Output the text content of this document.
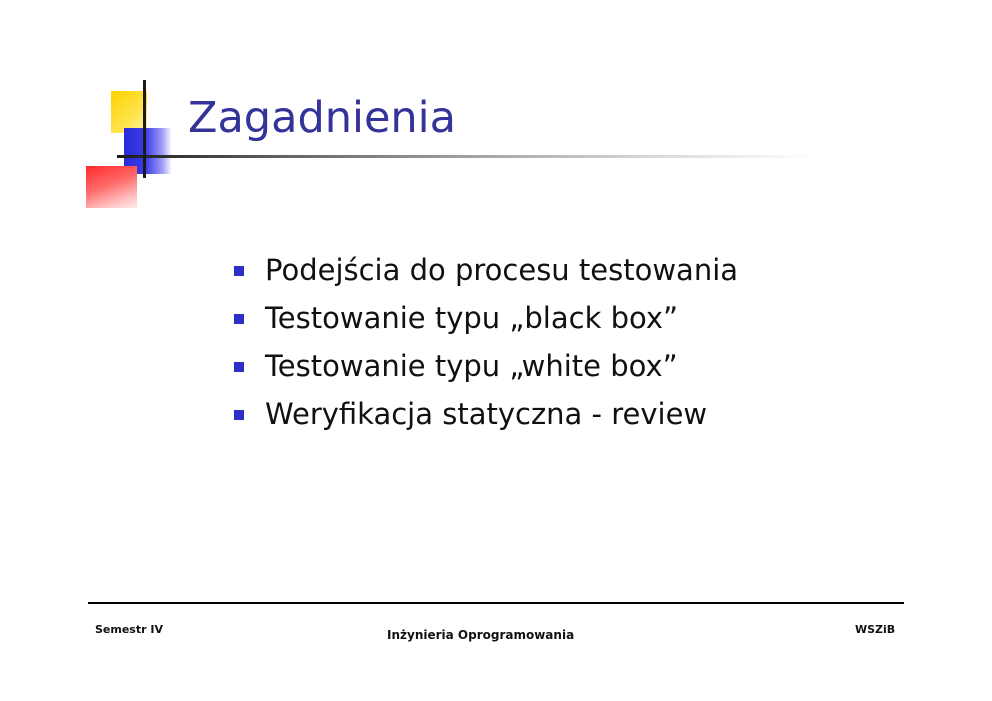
Zagadnienia
Podejścia do procesu testowania
Testowanie typu „black box”
Testowanie typu „white box”
Weryfikacja statyczna - review
Semestr IV	Inżynieria Oprogramowania	WSZiB
